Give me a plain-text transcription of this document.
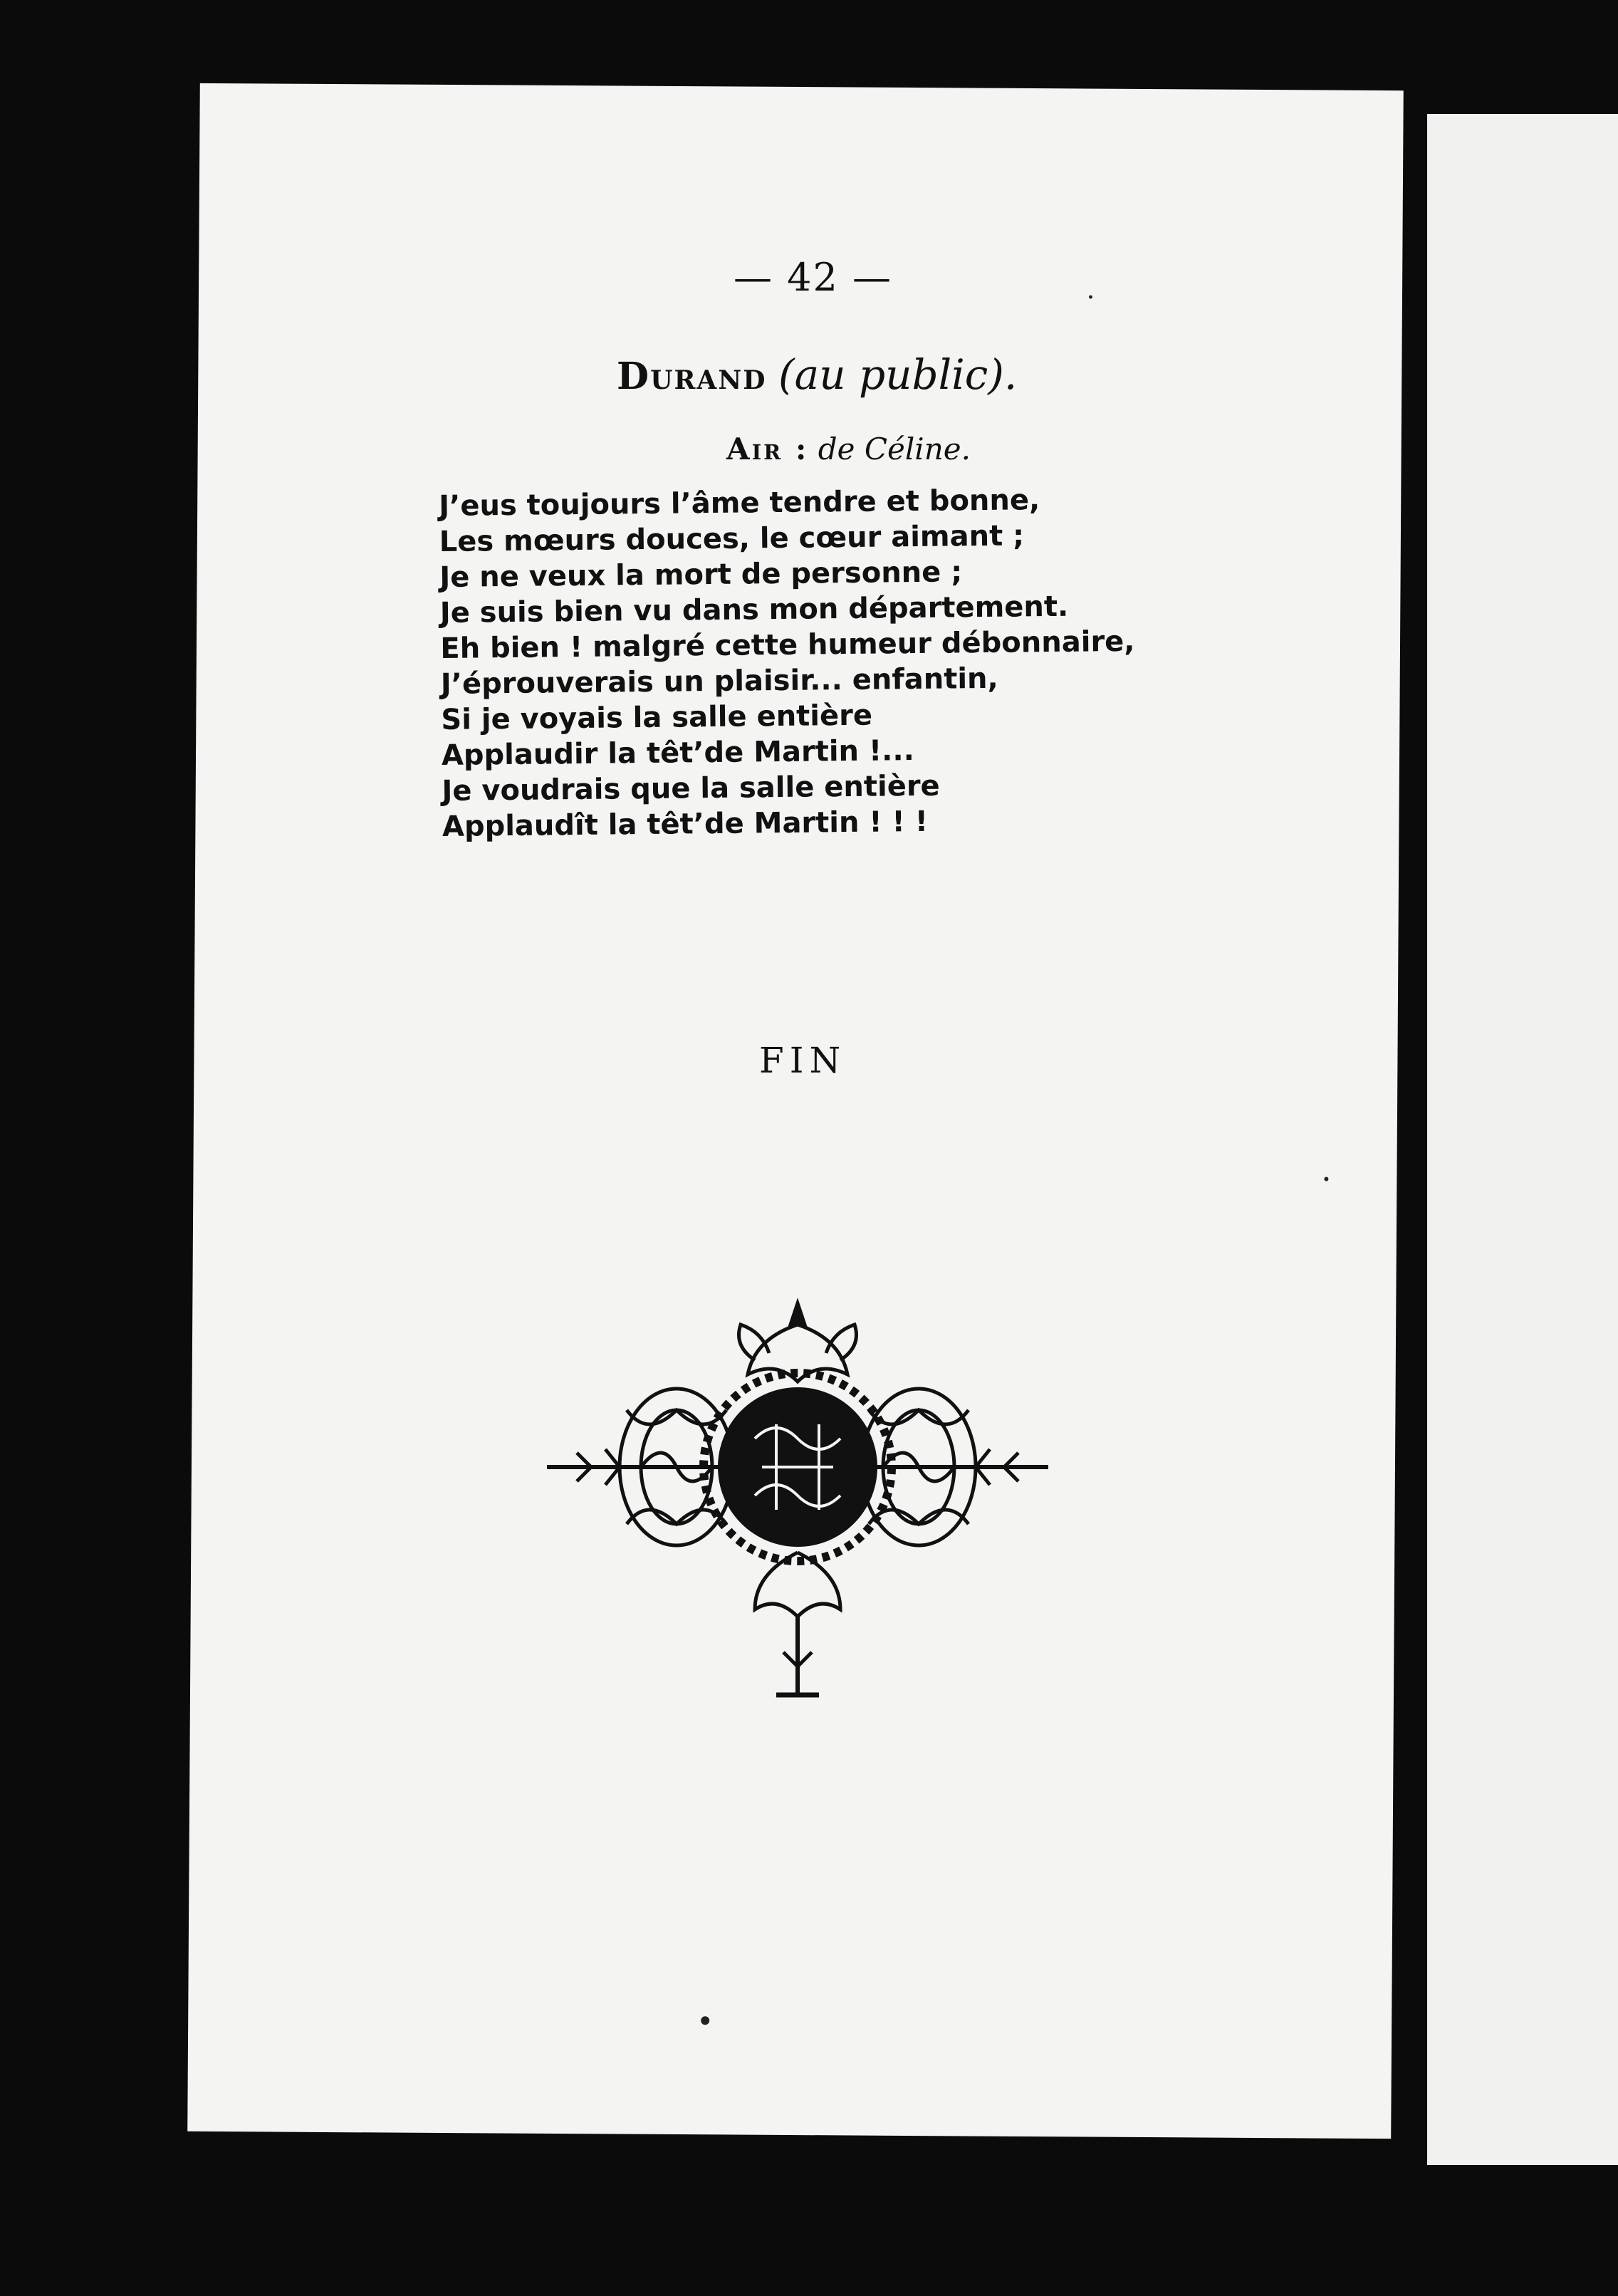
— 42 —
Durand (au public).
Air : de Céline.
J’eus toujours l’âme tendre et bonne,
Les mœurs douces, le cœur aimant ;
Je ne veux la mort de personne ;
Je suis bien vu dans mon département.
Eh bien ! malgré cette humeur débonnaire,
J’éprouverais un plaisir... enfantin,
Si je voyais la salle entière
Applaudir la têt’de Martin !...
Je voudrais que la salle entière
Applaudît la têt’de Martin ! ! !
FIN
